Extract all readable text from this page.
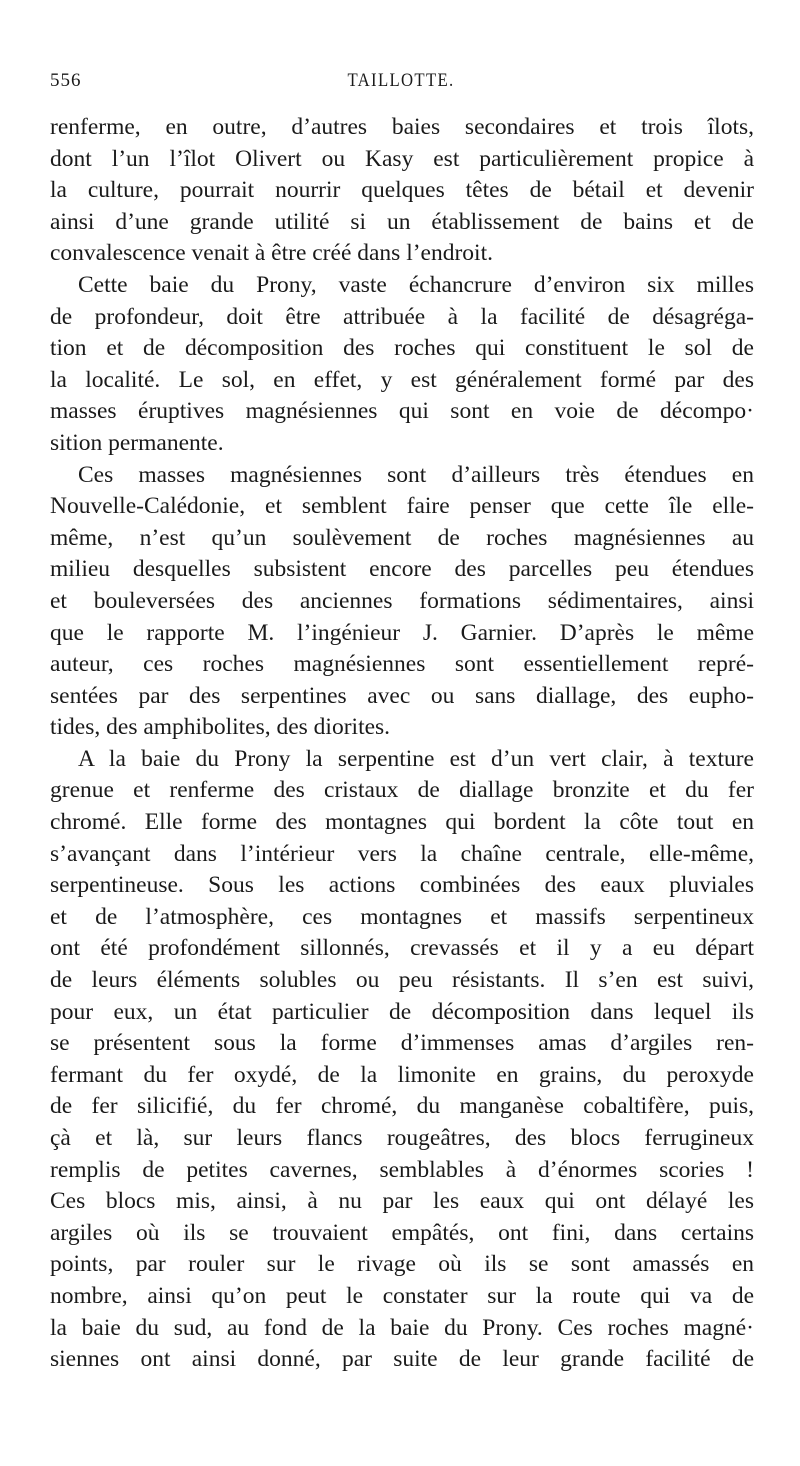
556	TAILLOTTE.
renferme, en outre, d’autres baies secondaires et trois îlots,
dont l’un l’îlot Olivert ou Kasy est particulièrement propice à
la culture, pourrait nourrir quelques têtes de bétail et devenir
ainsi d’une grande utilité si un établissement de bains et de
convalescence venait à être créé dans l’endroit.
Cette baie du Prony, vaste échancrure d’environ six milles
de profondeur, doit être attribuée à la facilité de désagréga-
tion et de décomposition des roches qui constituent le sol de
la localité. Le sol, en effet, y est généralement formé par des
masses éruptives magnésiennes qui sont en voie de décompo·
sition permanente.
Ces masses magnésiennes sont d’ailleurs très étendues en
Nouvelle-Calédonie, et semblent faire penser que cette île elle-
même, n’est qu’un soulèvement de roches magnésiennes au
milieu desquelles subsistent encore des parcelles peu étendues
et bouleversées des anciennes formations sédimentaires, ainsi
que le rapporte M. l’ingénieur J. Garnier. D’après le même
auteur, ces roches magnésiennes sont essentiellement repré-
sentées par des serpentines avec ou sans diallage, des eupho-
tides, des amphibolites, des diorites.
A la baie du Prony la serpentine est d’un vert clair, à texture
grenue et renferme des cristaux de diallage bronzite et du fer
chromé. Elle forme des montagnes qui bordent la côte tout en
s’avançant dans l’intérieur vers la chaîne centrale, elle-même,
serpentineuse. Sous les actions combinées des eaux pluviales
et de l’atmosphère, ces montagnes et massifs serpentineux
ont été profondément sillonnés, crevassés et il y a eu départ
de leurs éléments solubles ou peu résistants. Il s’en est suivi,
pour eux, un état particulier de décomposition dans lequel ils
se présentent sous la forme d’immenses amas d’argiles ren-
fermant du fer oxydé, de la limonite en grains, du peroxyde
de fer silicifié, du fer chromé, du manganèse cobaltifère, puis,
çà et là, sur leurs flancs rougeâtres, des blocs ferrugineux
remplis de petites cavernes, semblables à d’énormes scories !
Ces blocs mis, ainsi, à nu par les eaux qui ont délayé les
argiles où ils se trouvaient empâtés, ont fini, dans certains
points, par rouler sur le rivage où ils se sont amassés en
nombre, ainsi qu’on peut le constater sur la route qui va de
la baie du sud, au fond de la baie du Prony. Ces roches magné·
siennes ont ainsi donné, par suite de leur grande facilité de
